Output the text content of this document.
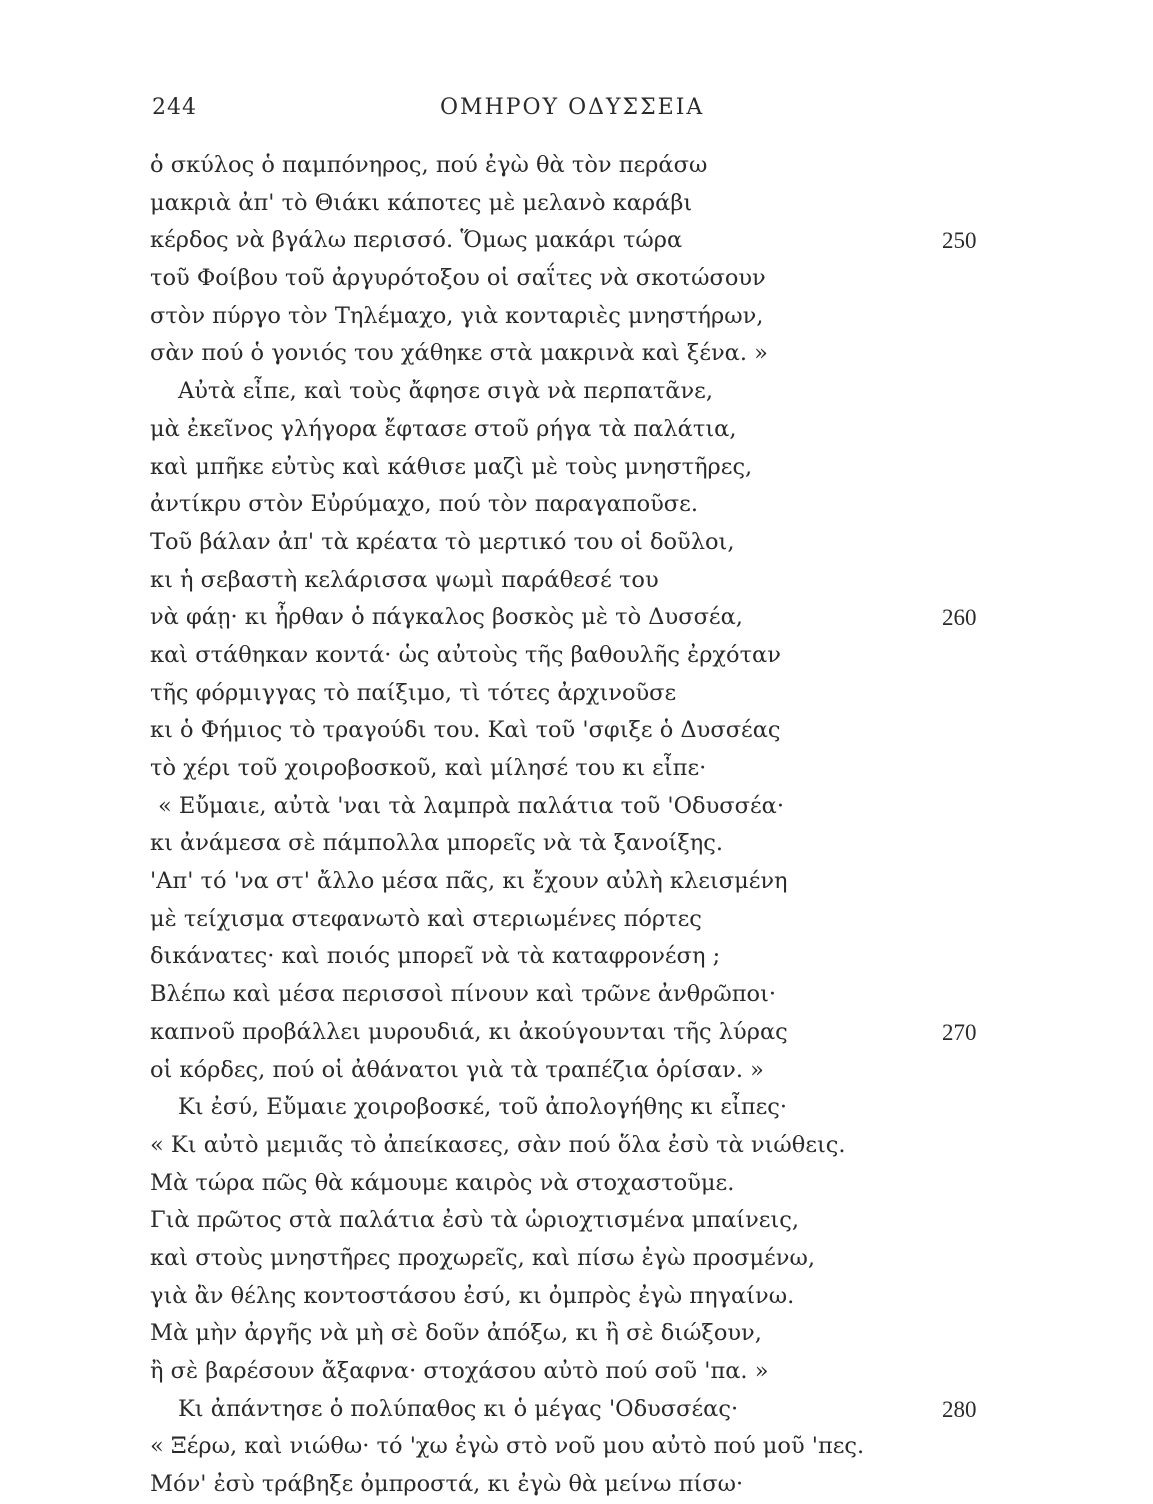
244	ΟΜΗΡΟΥ ΟΔΥΣΣΕΙΑ
ὁ σκύλος ὁ παμπόνηρος, πού ἐγὼ θὰ τὸν περάσω
μακριὰ ἀπ' τὸ Θιάκι κάποτες μὲ μελανὸ καράβι
κέρδος νὰ βγάλω περισσό. Ὅμως μακάρι τώρα	250
τοῦ Φοίβου τοῦ ἀργυρότοξου οἱ σαΐτες νὰ σκοτώσουν
στὸν πύργο τὸν Τηλέμαχο, γιὰ κονταριὲς μνηστήρων,
σὰν πού ὁ γονιός του χάθηκε στὰ μακρινὰ καὶ ξένα. »
Αὐτὰ εἶπε, καὶ τοὺς ἄφησε σιγὰ νὰ περπατᾶνε,
μὰ ἐκεῖνος γλήγορα ἔφτασε στοῦ ρήγα τὰ παλάτια,
καὶ μπῆκε εὐτὺς καὶ κάθισε μαζὶ μὲ τοὺς μνηστῆρες,
ἀντίκρυ στὸν Εὐρύμαχο, πού τὸν παραγαποῦσε.
Τοῦ βάλαν ἀπ' τὰ κρέατα τὸ μερτικό του οἱ δοῦλοι,
κι ἡ σεβαστὴ κελάρισσα ψωμὶ παράθεσέ του
νὰ φάῃ· κι ἦρθαν ὁ πάγκαλος βοσκὸς μὲ τὸ Δυσσέα,	260
καὶ στάθηκαν κοντά· ὡς αὐτοὺς τῆς βαθουλῆς ἐρχόταν
τῆς φόρμιγγας τὸ παίξιμο, τὶ τότες ἀρχινοῦσε
κι ὁ Φήμιος τὸ τραγούδι του. Καὶ τοῦ 'σφιξε ὁ Δυσσέας
τὸ χέρι τοῦ χοιροβοσκοῦ, καὶ μίλησέ του κι εἶπε·
« Εὔμαιε, αὐτὰ 'ναι τὰ λαμπρὰ παλάτια τοῦ 'Οδυσσέα·
κι ἀνάμεσα σὲ πάμπολλα μπορεῖς νὰ τὰ ξανοίξης.
'Απ' τό 'να στ' ἄλλο μέσα πᾶς, κι ἔχουν αὐλὴ κλεισμένη
μὲ τείχισμα στεφανωτὸ καὶ στεριωμένες πόρτες
δικάνατες· καὶ ποιός μπορεῖ νὰ τὰ καταφρονέση ;
Βλέπω καὶ μέσα περισσοὶ πίνουν καὶ τρῶνε ἀνθρῶποι·
καπνοῦ προβάλλει μυρουδιά, κι ἀκούγουνται τῆς λύρας	270
οἱ κόρδες, πού οἱ ἀθάνατοι γιὰ τὰ τραπέζια ὁρίσαν. »
Κι ἐσύ, Εὔμαιε χοιροβοσκέ, τοῦ ἀπολογήθης κι εἶπες·
« Κι αὐτὸ μεμιᾶς τὸ ἀπείκασες, σὰν πού ὅλα ἐσὺ τὰ νιώθεις.
Μὰ τώρα πῶς θὰ κάμουμε καιρὸς νὰ στοχαστοῦμε.
Γιὰ πρῶτος στὰ παλάτια ἐσὺ τὰ ὡριοχτισμένα μπαίνεις,
καὶ στοὺς μνηστῆρες προχωρεῖς, καὶ πίσω ἐγὼ προσμένω,
γιὰ ἂν θέλης κοντοστάσου ἐσύ, κι ὀμπρὸς ἐγὼ πηγαίνω.
Μὰ μὴν ἀργῆς νὰ μὴ σὲ δοῦν ἀπόξω, κι ἢ σὲ διώξουν,
ἢ σὲ βαρέσουν ἄξαφνα· στοχάσου αὐτὸ πού σοῦ 'πα. »
Κι ἀπάντησε ὁ πολύπαθος κι ὁ μέγας 'Οδυσσέας·	280
« Ξέρω, καὶ νιώθω· τό 'χω ἐγὼ στὸ νοῦ μου αὐτὸ πού μοῦ 'πες.
Μόν' ἐσὺ τράβηξε ὀμπροστά, κι ἐγὼ θὰ μείνω πίσω·
